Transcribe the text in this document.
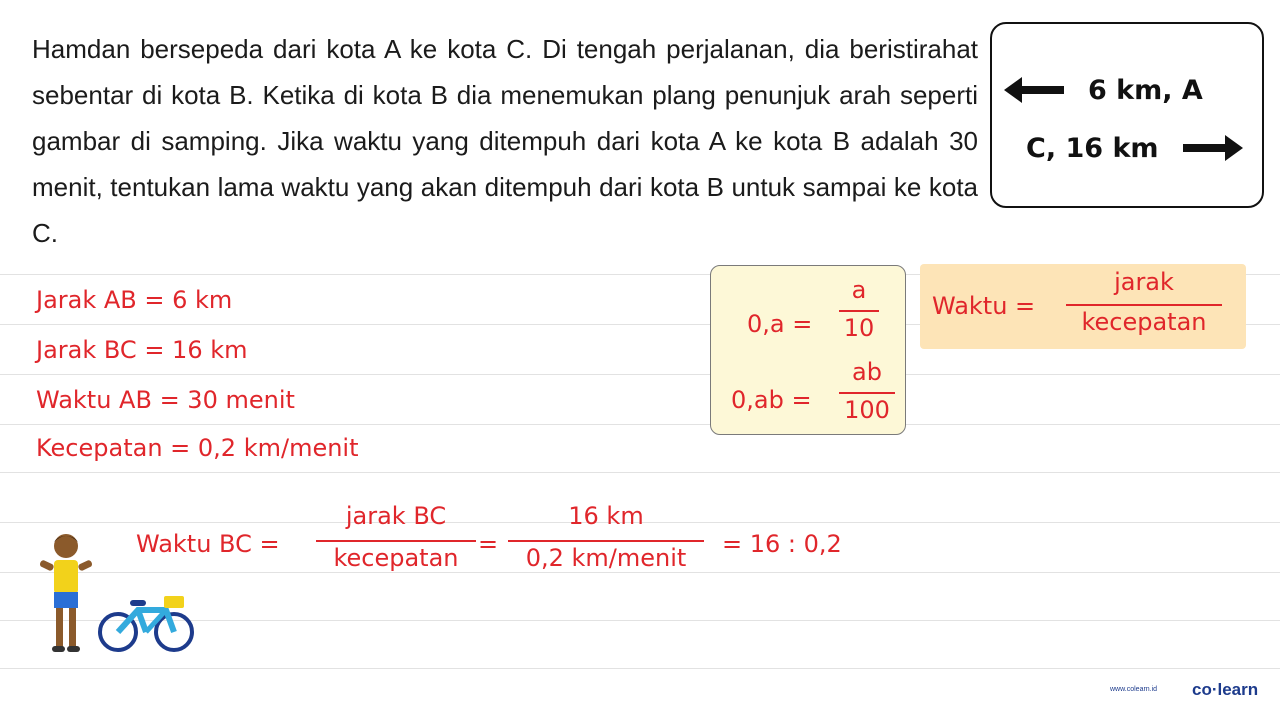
Hamdan bersepeda dari kota A ke kota C. Di tengah perjalanan, dia beristirahat sebentar di kota B. Ketika di kota B dia menemukan plang penunjuk arah seperti gambar di samping. Jika waktu yang ditempuh dari kota A ke kota B adalah 30 menit, tentukan lama waktu yang akan ditempuh dari kota B untuk sampai ke kota C.
6 km, A
C, 16 km
Jarak AB = 6 km
Jarak BC = 16 km
Waktu AB = 30 menit
Kecepatan = 0,2 km/menit
0,a =
a
10
0,ab =
ab
100
Waktu =
jarak
kecepatan
Waktu BC =
jarak BC
kecepatan =
16 km
0,2 km/menit	= 16 : 0,2
www.colearn.id co·learn
